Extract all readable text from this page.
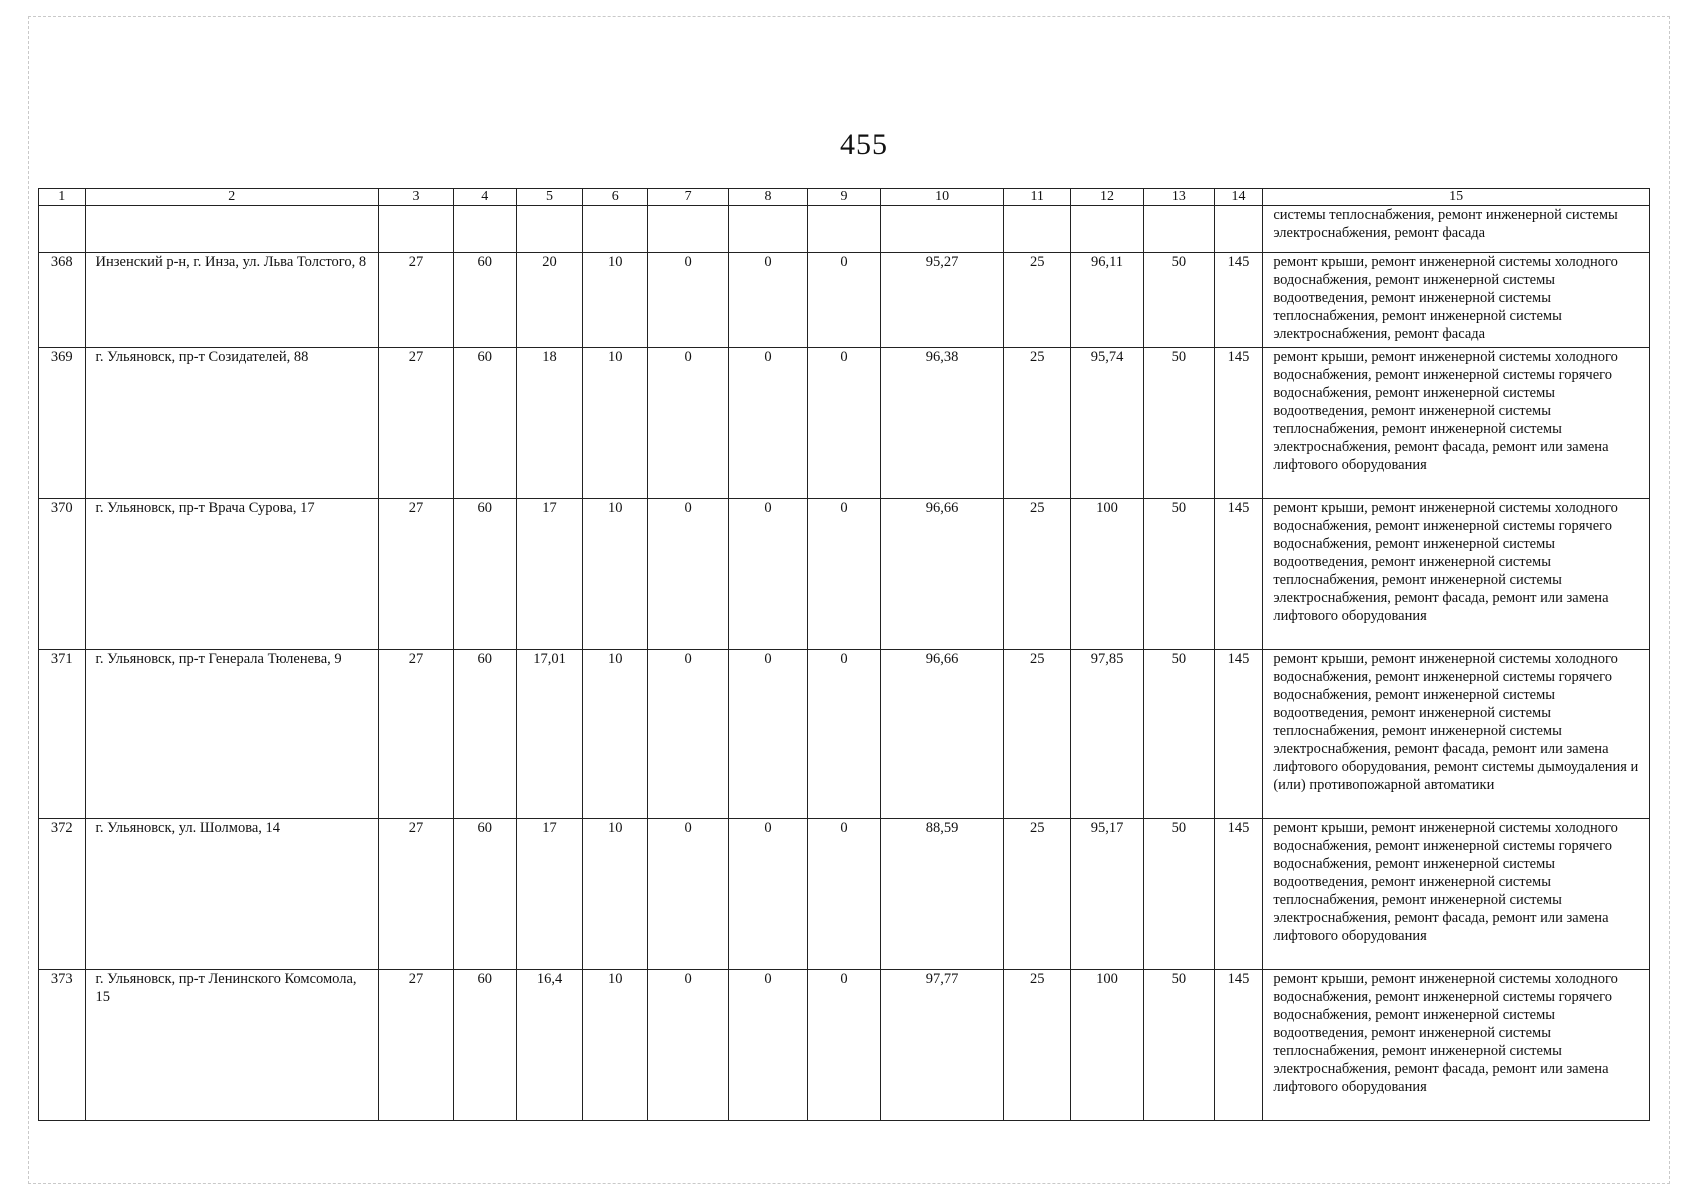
455
1	2	3	4	5	6	7	8	9	10	11	12	13	14	15
														системы теплоснабжения, ремонт инженерной системы электроснабжения, ремонт фасада
368	Инзенский р-н, г. Инза, ул. Льва Толстого, 8	27	60	20	10	0	0	0	95,27	25	96,11	50	145	ремонт крыши, ремонт инженерной системы холодного водоснабжения, ремонт инженерной системы водоотведения, ремонт инженерной системы теплоснабжения, ремонт инженерной системы электроснабжения, ремонт фасада
369	г. Ульяновск, пр-т Созидателей, 88	27	60	18	10	0	0	0	96,38	25	95,74	50	145	ремонт крыши, ремонт инженерной системы холодного водоснабжения, ремонт инженерной системы горячего водоснабжения, ремонт инженерной системы водоотведения, ремонт инженерной системы теплоснабжения, ремонт инженерной системы электроснабжения, ремонт фасада, ремонт или замена лифтового оборудования
370	г. Ульяновск, пр-т Врача Сурова, 17	27	60	17	10	0	0	0	96,66	25	100	50	145	ремонт крыши, ремонт инженерной системы холодного водоснабжения, ремонт инженерной системы горячего водоснабжения, ремонт инженерной системы водоотведения, ремонт инженерной системы теплоснабжения, ремонт инженерной системы электроснабжения, ремонт фасада, ремонт или замена лифтового оборудования
371	г. Ульяновск, пр-т Генерала Тюленева, 9	27	60	17,01	10	0	0	0	96,66	25	97,85	50	145	ремонт крыши, ремонт инженерной системы холодного водоснабжения, ремонт инженерной системы горячего водоснабжения, ремонт инженерной системы водоотведения, ремонт инженерной системы теплоснабжения, ремонт инженерной системы электроснабжения, ремонт фасада, ремонт или замена лифтового оборудования, ремонт системы дымоудаления и (или) противопожарной автоматики
372	г. Ульяновск, ул. Шолмова, 14	27	60	17	10	0	0	0	88,59	25	95,17	50	145	ремонт крыши, ремонт инженерной системы холодного водоснабжения, ремонт инженерной системы горячего водоснабжения, ремонт инженерной системы водоотведения, ремонт инженерной системы теплоснабжения, ремонт инженерной системы электроснабжения, ремонт фасада, ремонт или замена лифтового оборудования
373	г. Ульяновск, пр-т Ленинского Комсомола, 15	27	60	16,4	10	0	0	0	97,77	25	100	50	145	ремонт крыши, ремонт инженерной системы холодного водоснабжения, ремонт инженерной системы горячего водоснабжения, ремонт инженерной системы водоотведения, ремонт инженерной системы теплоснабжения, ремонт инженерной системы электроснабжения, ремонт фасада, ремонт или замена лифтового оборудования
